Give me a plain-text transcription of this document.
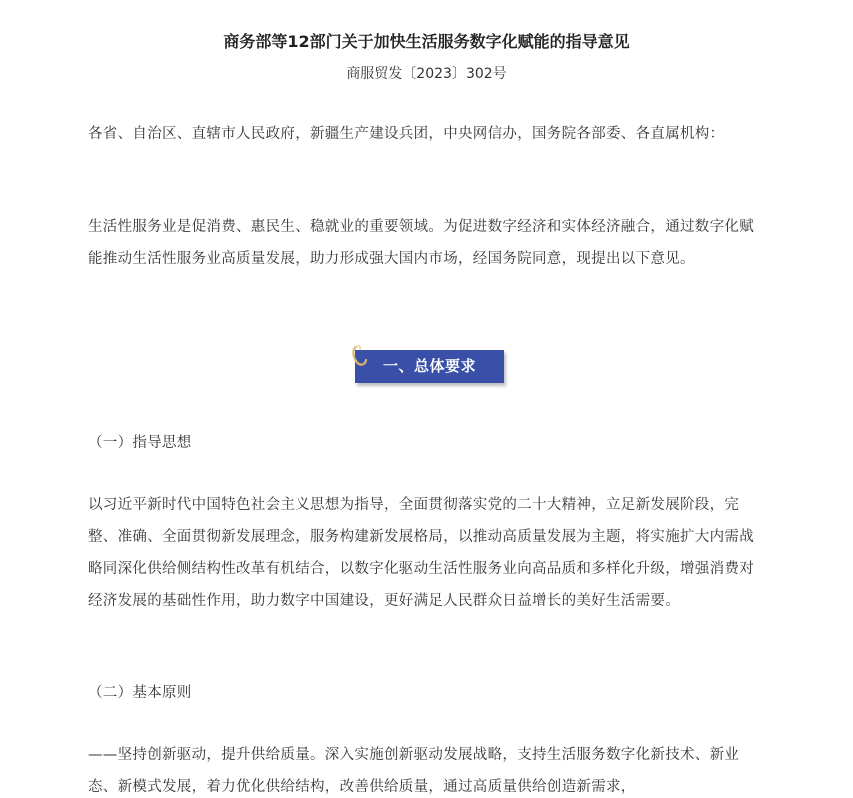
商务部等12部门关于加快生活服务数字化赋能的指导意见
商服贸发〔2023〕302号

各省、自治区、直辖市人民政府，新疆生产建设兵团，中央网信办，国务院各部委、各直属机构：

生活性服务业是促消费、惠民生、稳就业的重要领域。为促进数字经济和实体经济融合，通过数字化赋能推动生活性服务业高质量发展，助力形成强大国内市场，经国务院同意，现提出以下意见。

一、总体要求
（一）指导思想

以习近平新时代中国特色社会主义思想为指导，全面贯彻落实党的二十大精神，立足新发展阶段，完整、准确、全面贯彻新发展理念，服务构建新发展格局，以推动高质量发展为主题，将实施扩大内需战略同深化供给侧结构性改革有机结合，以数字化驱动生活性服务业向高品质和多样化升级，增强消费对经济发展的基础性作用，助力数字中国建设，更好满足人民群众日益增长的美好生活需要。

（二）基本原则

——坚持创新驱动，提升供给质量。深入实施创新驱动发展战略，支持生活服务数字化新技术、新业态、新模式发展，着力优化供给结构，改善供给质量，通过高质量供给创造新需求，
